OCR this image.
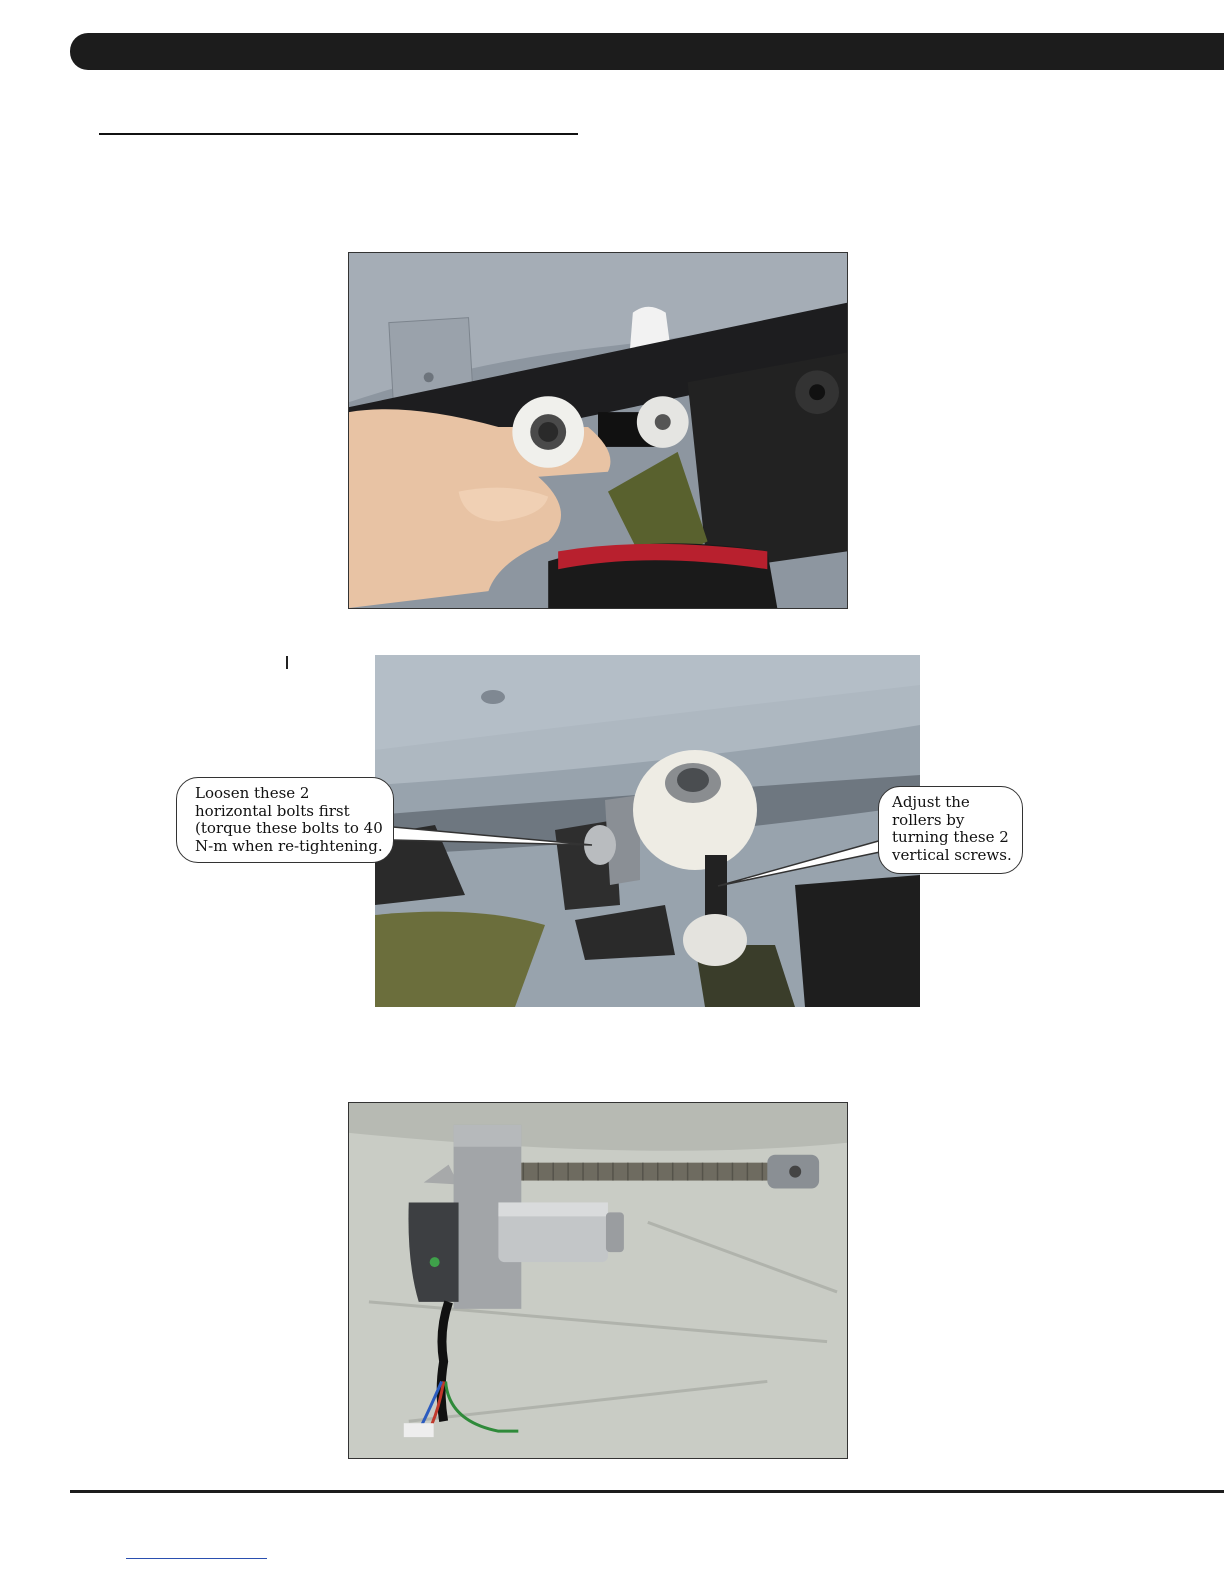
Loosen these 2
horizontal bolts first
(torque these bolts to 40
N-m when re-tightening.
Adjust the
rollers by
turning these 2
vertical screws.
